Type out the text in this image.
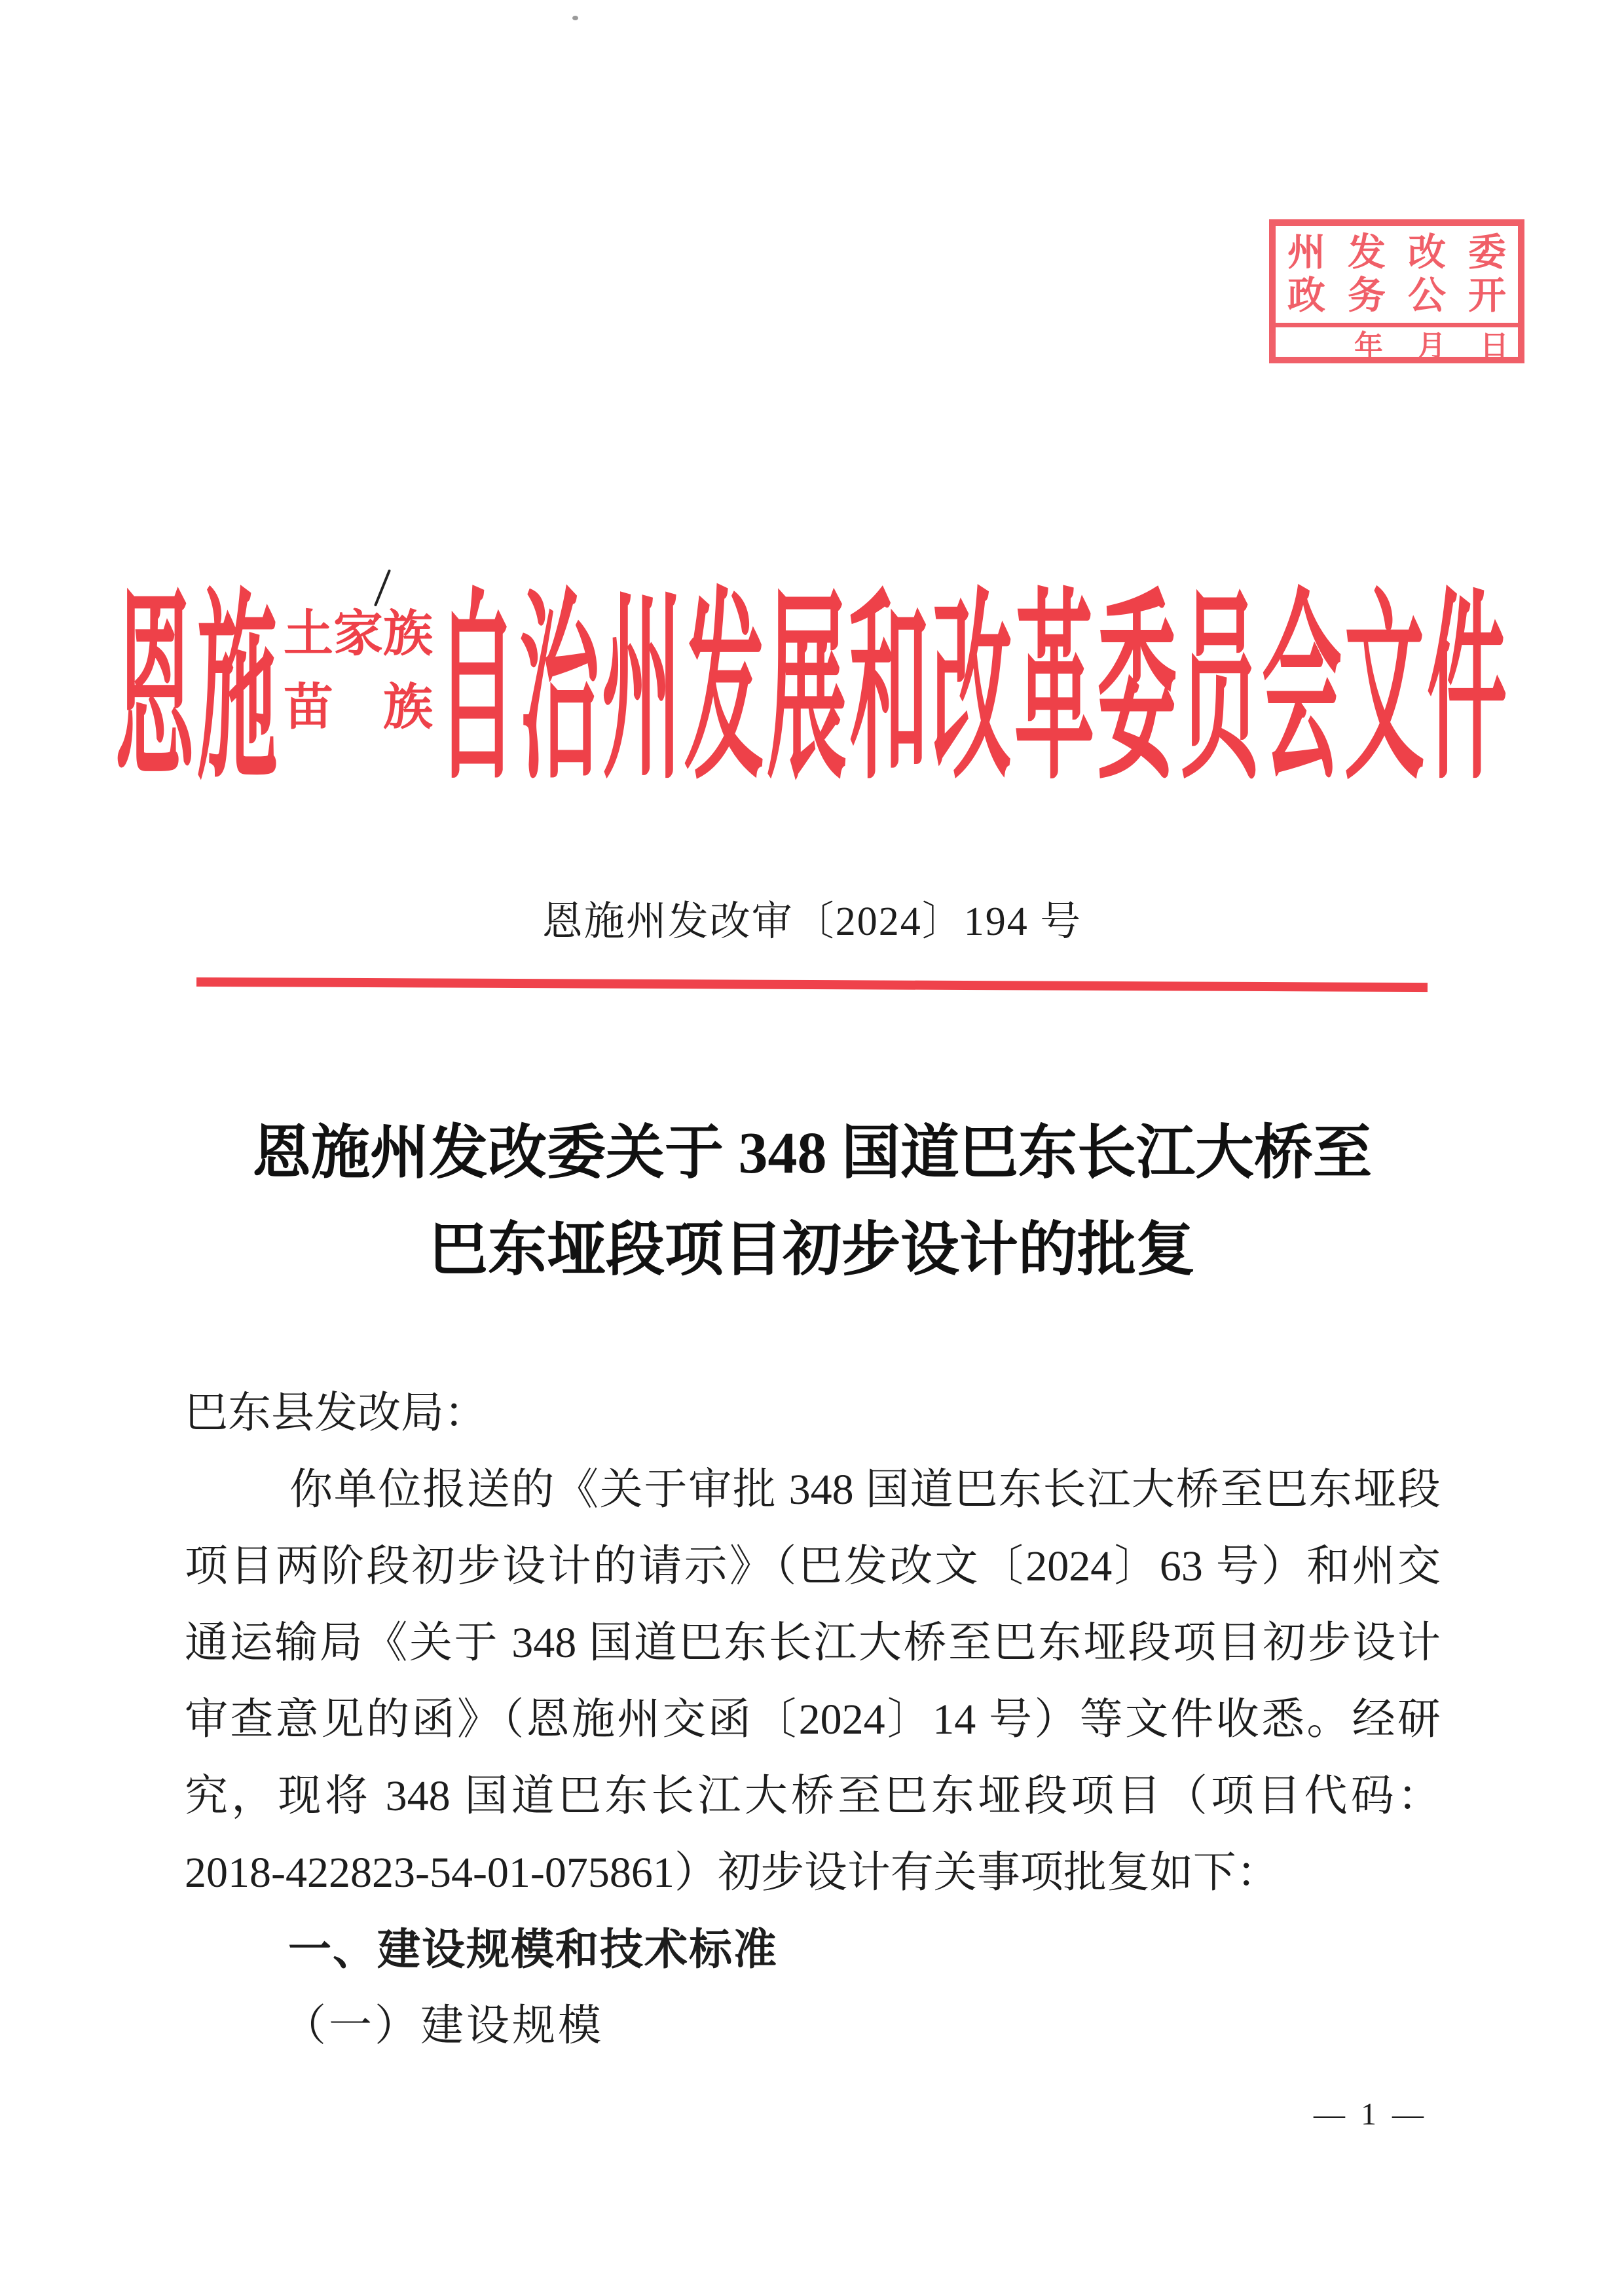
州发改委
政务公开
年 月 日
恩施 土家族
苗　族 自治州发展和改革委员会文件
恩施州发改审〔2024〕194 号
恩施州发改委关于 348 国道巴东长江大桥至
巴东垭段项目初步设计的批复
巴东县发改局：
你单位报送的《关于审批 348 国道巴东长江大桥至巴东垭段
项目两阶段初步设计的请示》（巴发改文〔2024〕63 号）和州交
通运输局《关于 348 国道巴东长江大桥至巴东垭段项目初步设计
审查意见的函》（恩施州交函〔2024〕14 号）等文件收悉。经研
究，现将 348 国道巴东长江大桥至巴东垭段项目（项目代码：
2018-422823-54-01-075861）初步设计有关事项批复如下：
一、建设规模和技术标准
（一）建设规模
— 1 —
